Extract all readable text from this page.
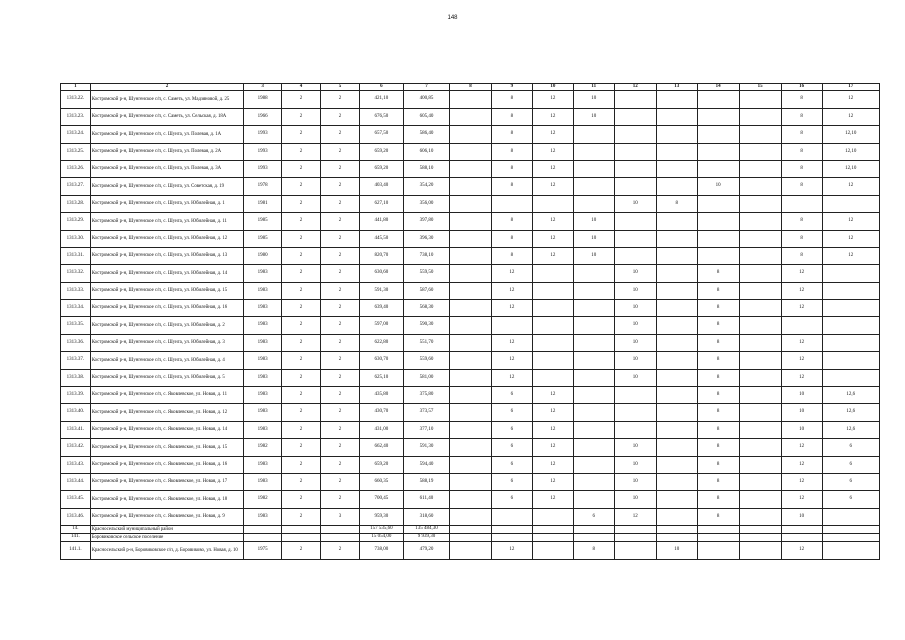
148
1	2	3	4	5	6	7	8	9	10	11	12	13	14	15	16	17
1313.22.	Костромской р-н, Шунгенское с/п, с. Саметь, ул. Мадзяновой, д. 25	1988	2	2	421,10	400,85		8	12	10					8	12
1313.23.	Костромской р-н, Шунгенское с/п, с. Саметь, ул. Сельская, д. 18А	1966	2	2	676,50	605,40		8	12	10					8	12
1313.24.	Костромской р-н, Шунгенское с/п, с. Шунга, ул. Полевая, д. 1А	1993	2	2	657,50	586,40		8	12						8	12,10
1313.25.	Костромской р-н, Шунгенское с/п, с. Шунга, ул. Полевая, д. 2А	1993	2	2	659,20	606,10		8	12						8	12,10
1313.26.	Костромской р-н, Шунгенское с/п, с. Шунга, ул. Полевая, д. 3А	1993	2	2	659,20	588,10		8	12						8	12,10
1313.27.	Костромской р-н, Шунгенское с/п, с. Шунга, ул. Советская, д. 19	1978	2	2	403,40	354,20		8	12				10		8	12
1313.28.	Костромской р-н, Шунгенское с/п, с. Шунга, ул. Юбилейная, д. 1	1981	2	2	627,10	356,00					10	8				
1313.29.	Костромской р-н, Шунгенское с/п, с. Шунга, ул. Юбилейная, д. 11	1985	2	2	441,80	397,80		8	12	10					8	12
1313.30.	Костромской р-н, Шунгенское с/п, с. Шунга, ул. Юбилейная, д. 12	1985	2	2	445,50	396,30		8	12	10					8	12
1313.31.	Костромской р-н, Шунгенское с/п, с. Шунга, ул. Юбилейная, д. 13	1980	2	2	820,70	738,10		8	12	10					8	12
1313.32.	Костромской р-н, Шунгенское с/п, с. Шунга, ул. Юбилейная, д. 14	1983	2	2	630,60	559,50		12			10		8		12	
1313.33.	Костромской р-н, Шунгенское с/п, с. Шунга, ул. Юбилейная, д. 15	1983	2	2	591,30	587,60		12			10		8		12	
1313.34.	Костромской р-н, Шунгенское с/п, с. Шунга, ул. Юбилейная, д. 16	1983	2	2	639,40	568,30		12			10		8		12	
1313.35.	Костромской р-н, Шунгенское с/п, с. Шунга, ул. Юбилейная, д. 2	1983	2	2	597,00	590,30					10		8			
1313.36.	Костромской р-н, Шунгенское с/п, с. Шунга, ул. Юбилейная, д. 3	1983	2	2	622,80	551,70		12			10		8		12	
1313.37.	Костромской р-н, Шунгенское с/п, с. Шунга, ул. Юбилейная, д. 4	1983	2	2	630,70	559,60		12			10		8		12	
1313.38.	Костромской р-н, Шунгенское с/п, с. Шунга, ул. Юбилейная, д. 5	1983	2	2	625,10	581,00		12			10		8		12	
1313.39.	Костромской р-н, Шунгенское с/п, с. Яковлевское, ул. Новая, д. 11	1983	2	2	435,80	375,80		6	12				8		10	12,6
1313.40.	Костромской р-н, Шунгенское с/п, с. Яковлевское, ул. Новая, д. 12	1983	2	2	430,70	373,57		6	12				8		10	12,6
1313.41.	Костромской р-н, Шунгенское с/п, с. Яковлевское, ул. Новая, д. 14	1983	2	2	431,00	377,10		6	12				8		10	12,6
1313.42.	Костромской р-н, Шунгенское с/п, с. Яковлевское, ул. Новая, д. 15	1982	2	2	662,40	591,30		6	12		10		8		12	6
1313.43.	Костромской р-н, Шунгенское с/п, с. Яковлевское, ул. Новая, д. 16	1983	2	2	659,20	594,40		6	12		10		8		12	6
1313.44.	Костромской р-н, Шунгенское с/п, с. Яковлевское, ул. Новая, д. 17	1983	2	2	660,35	588,19		6	12		10		8		12	6
1313.45.	Костромской р-н, Шунгенское с/п, с. Яковлевское, ул. Новая, д. 18	1982	2	2	700,45	611,40		6	12		10		8		12	6
1313.46.	Костромской р-н, Шунгенское с/п, с. Яковлевское, ул. Новая, д. 9	1983	2	3	959,30	318,60				6	12		8		10	
14.	Красносельский муниципальный район				157 535,60	135 484,30										
141.	Боровиковское сельское поселение				15 054,00	9 939,30										
141.1.	Красносельский р-н, Боровиковское с/п, д. Боровиково, ул. Новая, д. 10	1975	2	2	738,00	479,20		12		8		10			12	
